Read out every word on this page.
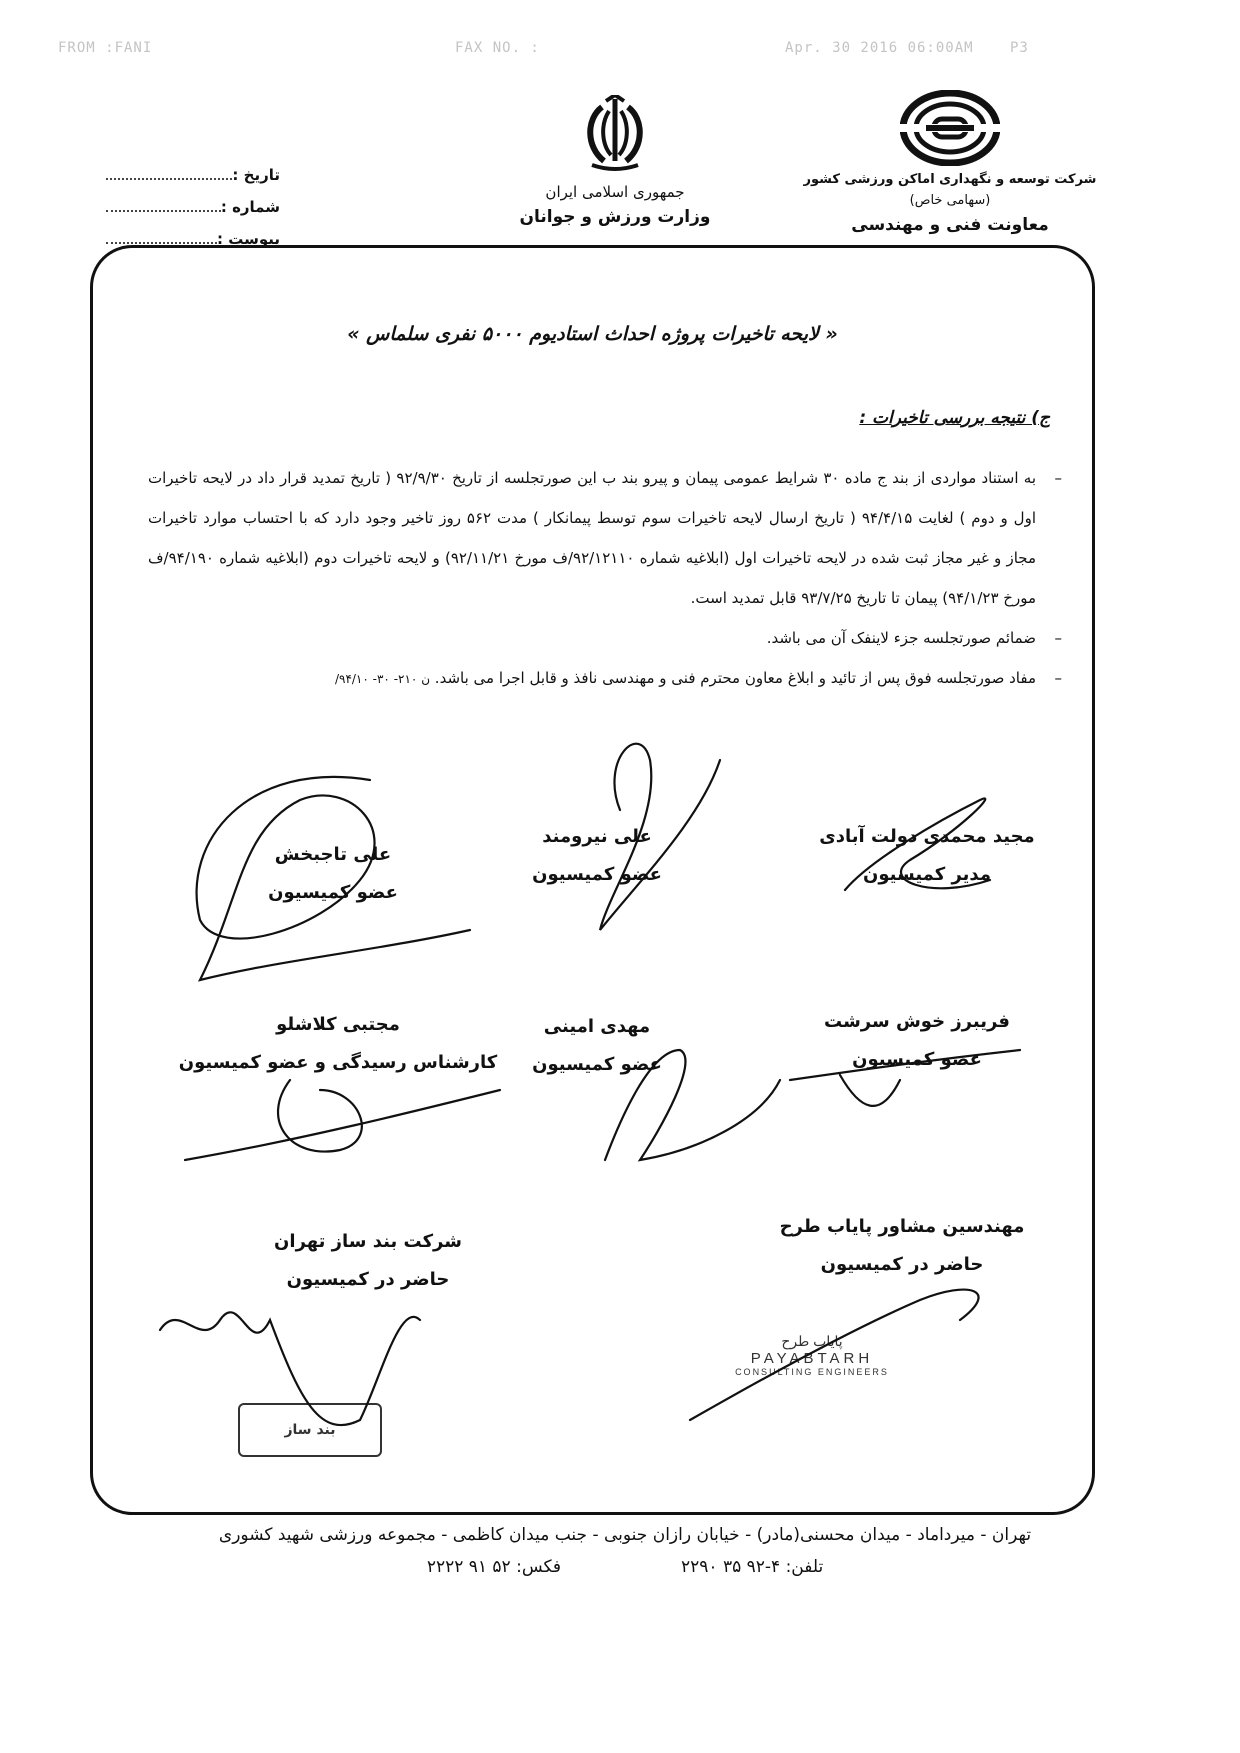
FROM :FANI	FAX NO. :	Apr. 30 2016 06:00AM	P3
شرکت توسعه و نگهداری اماکن ورزشی کشور
(سهامی خاص)
معاونت فنی و مهندسی
جمهوری اسلامی ایران
وزارت ورزش و جوانان
تاریخ :
شماره :
پیوست :
« لایحه تاخیرات پروژه احداث استادیوم ۵۰۰۰ نفری سلماس »
ج) نتیجه بررسی تاخیرات :
–
به استناد مواردی از بند ج ماده ۳۰ شرایط عمومی پیمان و پیرو بند ب این صورتجلسه از تاریخ ۹۲/۹/۳۰ ( تاریخ تمدید قرار داد در لایحه تاخیرات اول و دوم ) لغایت ۹۴/۴/۱۵ ( تاریخ ارسال لایحه تاخیرات سوم توسط پیمانکار ) مدت ۵۶۲ روز تاخیر وجود دارد که با احتساب موارد تاخیرات مجاز و غیر مجاز ثبت شده در لایحه تاخیرات اول (ابلاغیه شماره ۹۲/۱۲۱۱۰/ف مورخ ۹۲/۱۱/۲۱) و لایحه تاخیرات دوم (ابلاغیه شماره ۹۴/۱۹۰/ف مورخ ۹۴/۱/۲۳) پیمان تا تاریخ ۹۳/۷/۲۵ قابل تمدید است.
–
ضمائم صورتجلسه جزء لاینفک آن می باشد.
–
مفاد صورتجلسه فوق پس از تائید و ابلاغ معاون محترم فنی و مهندسی نافذ و قابل اجرا می باشد. ن ۲۱۰- ۳۰- ۹۴/۱۰/
مجید محمدی دولت آبادی
مدیر کمیسیون
علی نیرومند
عضو کمیسیون
علی تاجبخش
عضو کمیسیون
فریبرز خوش سرشت
عضو کمیسیون
مهدی امینی
عضو کمیسیون
مجتبی کلاشلو
کارشناس رسیدگی و عضو کمیسیون
مهندسین مشاور پایاب طرح
حاضر در کمیسیون
شرکت بند ساز تهران
حاضر در کمیسیون
پایاب طرح
PAYABTARH
CONSULTING ENGINEERS
بند ساز
تهران - میرداماد - میدان محسنی(مادر) - خیابان رازان جنوبی - جنب میدان کاظمی - مجموعه ورزشی شهید کشوری
تلفن: ۴-۹۲ ۳۵ ۲۲۹۰
فکس: ۵۲ ۹۱ ۲۲۲۲
